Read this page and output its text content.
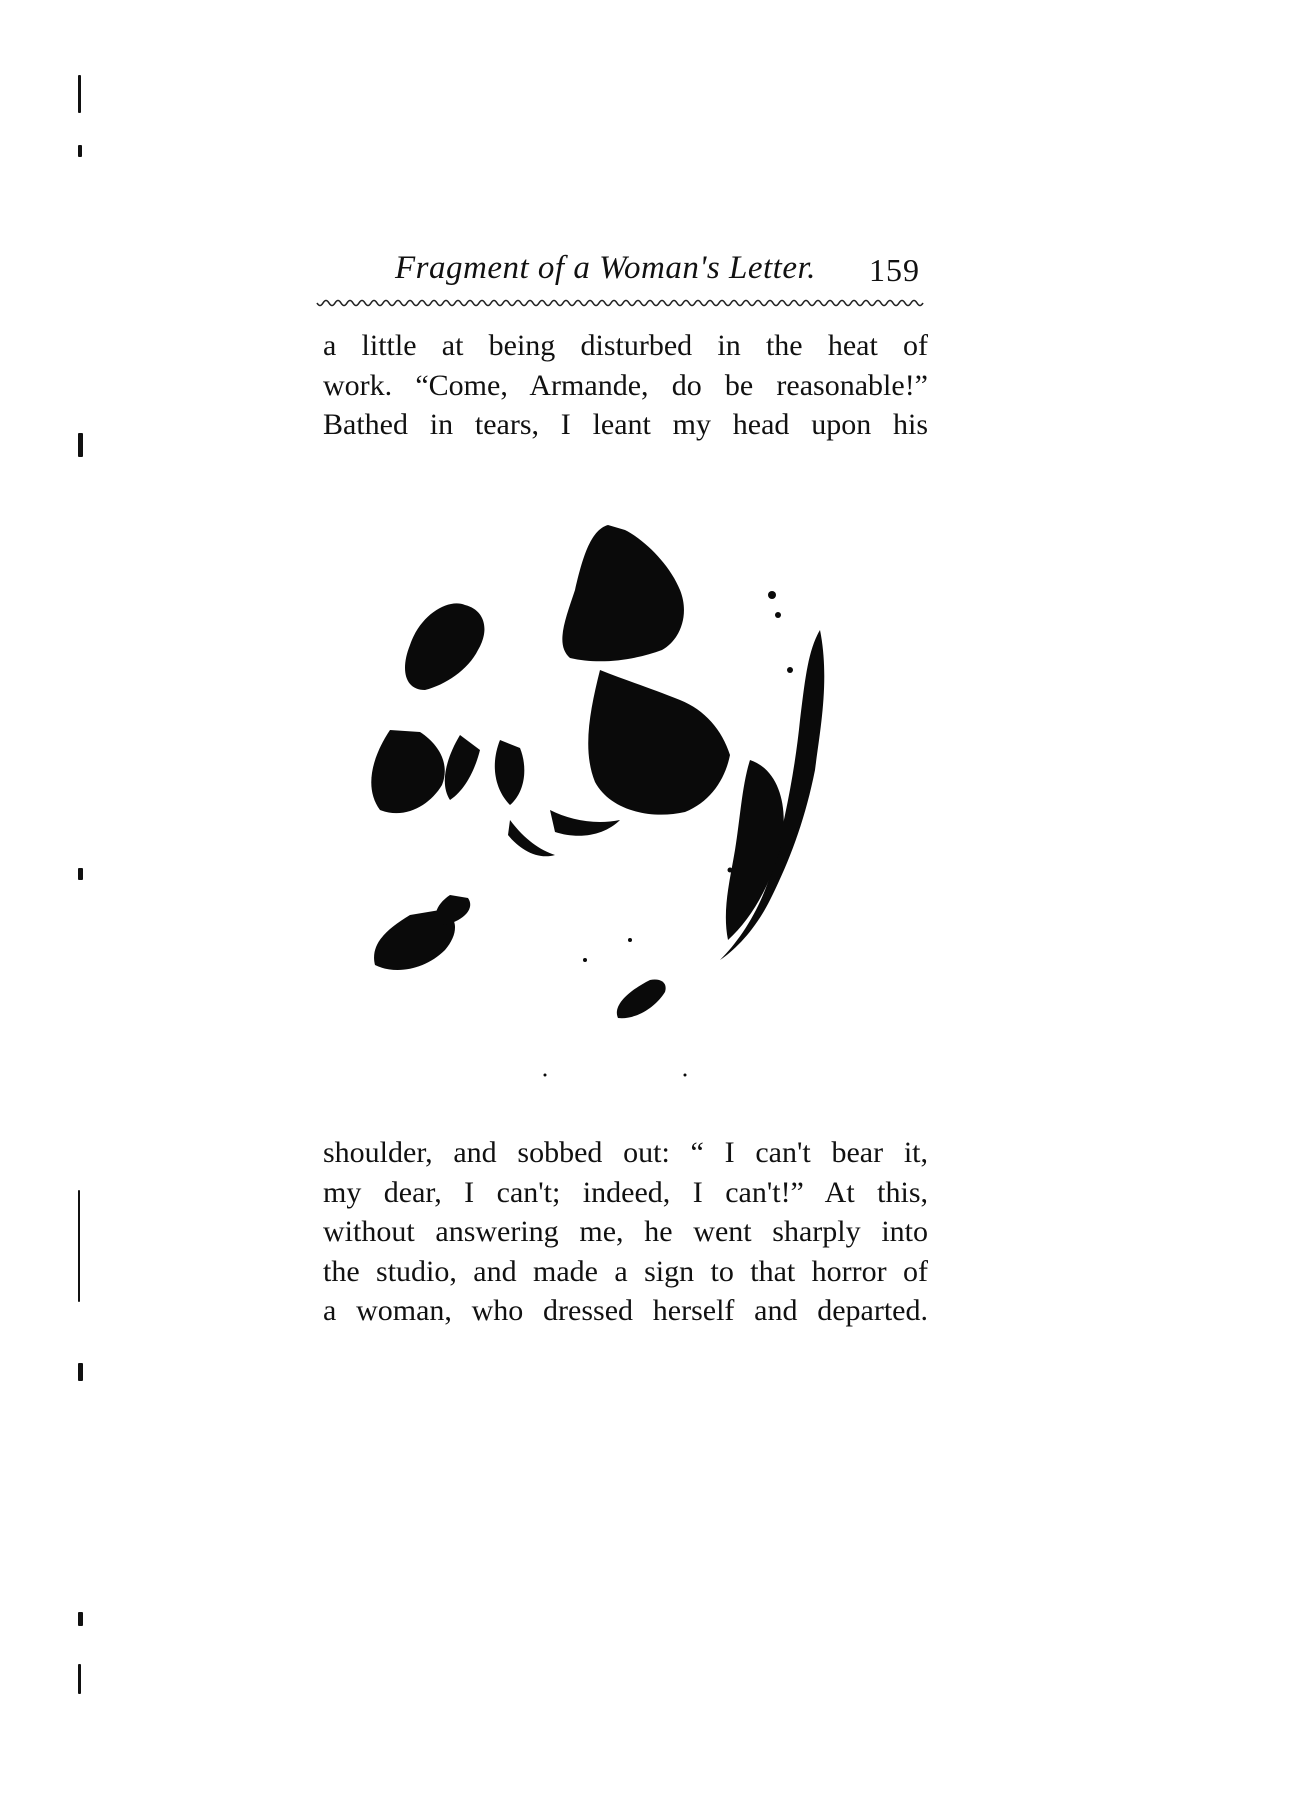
Fragment of a Woman's Letter. 159
a little at being disturbed in the heat of
work. “Come, Armande, do be reasonable!”
Bathed in tears, I leant my head upon his
shoulder, and sobbed out: “ I can't bear it,
my dear, I can't; indeed, I can't!” At this,
without answering me, he went sharply into
the studio, and made a sign to that horror of
a woman, who dressed herself and departed.
